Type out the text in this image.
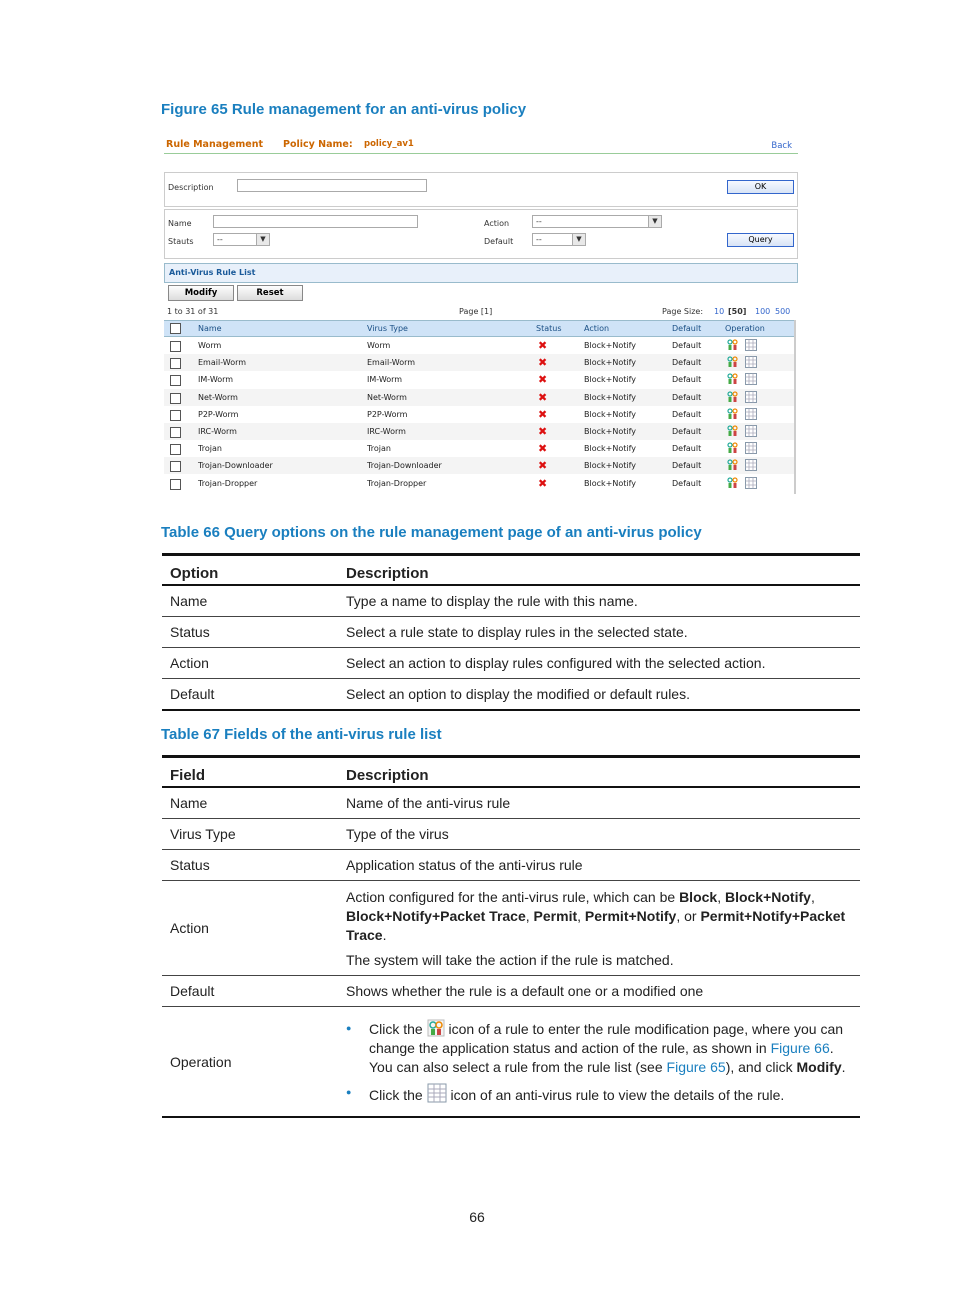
Figure 65 Rule management for an anti-virus policy
Rule Management Policy Name: policy_av1	Back
Description	OK
Name
Stauts	--	▼
Action	--	▼
Default	--	▼	Query
Anti-Virus Rule List
Modify	Reset
1 to 31 of 31	Page [1]	Page Size: 10 [50] 100 500
Name	Virus Type	Status	Action	Default	Operation
Worm	Worm	✖	Block+Notify	Default
Email-Worm	Email-Worm	✖	Block+Notify	Default
IM-Worm	IM-Worm	✖	Block+Notify	Default
Net-Worm	Net-Worm	✖	Block+Notify	Default
P2P-Worm	P2P-Worm	✖	Block+Notify	Default
IRC-Worm	IRC-Worm	✖	Block+Notify	Default
Trojan	Trojan	✖	Block+Notify	Default
Trojan-Downloader	Trojan-Downloader	✖	Block+Notify	Default
Trojan-Dropper	Trojan-Dropper	✖	Block+Notify	Default
Table 66 Query options on the rule management page of an anti-virus policy
Option	Description
Name	Type a name to display the rule with this name.
Status	Select a rule state to display rules in the selected state.
Action	Select an action to display rules configured with the selected action.
Default	Select an option to display the modified or default rules.
Table 67 Fields of the anti-virus rule list
Field	Description
Name	Name of the anti-virus rule
Virus Type	Type of the virus
Status	Application status of the anti-virus rule
Action	Action configured for the anti-virus rule, which can be Block, Block+Notify, Block+Notify+Packet Trace, Permit, Permit+Notify, or Permit+Notify+Packet Trace.
The system will take the action if the rule is matched.

Default	Shows whether the rule is a default one or a modified one
Operation	● Click the  icon of a rule to enter the rule modification page, where you can change the application status and action of the rule, as shown in Figure 66. You can also select a rule from the rule list (see Figure 65), and click Modify.
● Click the  icon of an anti-virus rule to view the details of the rule.
66
